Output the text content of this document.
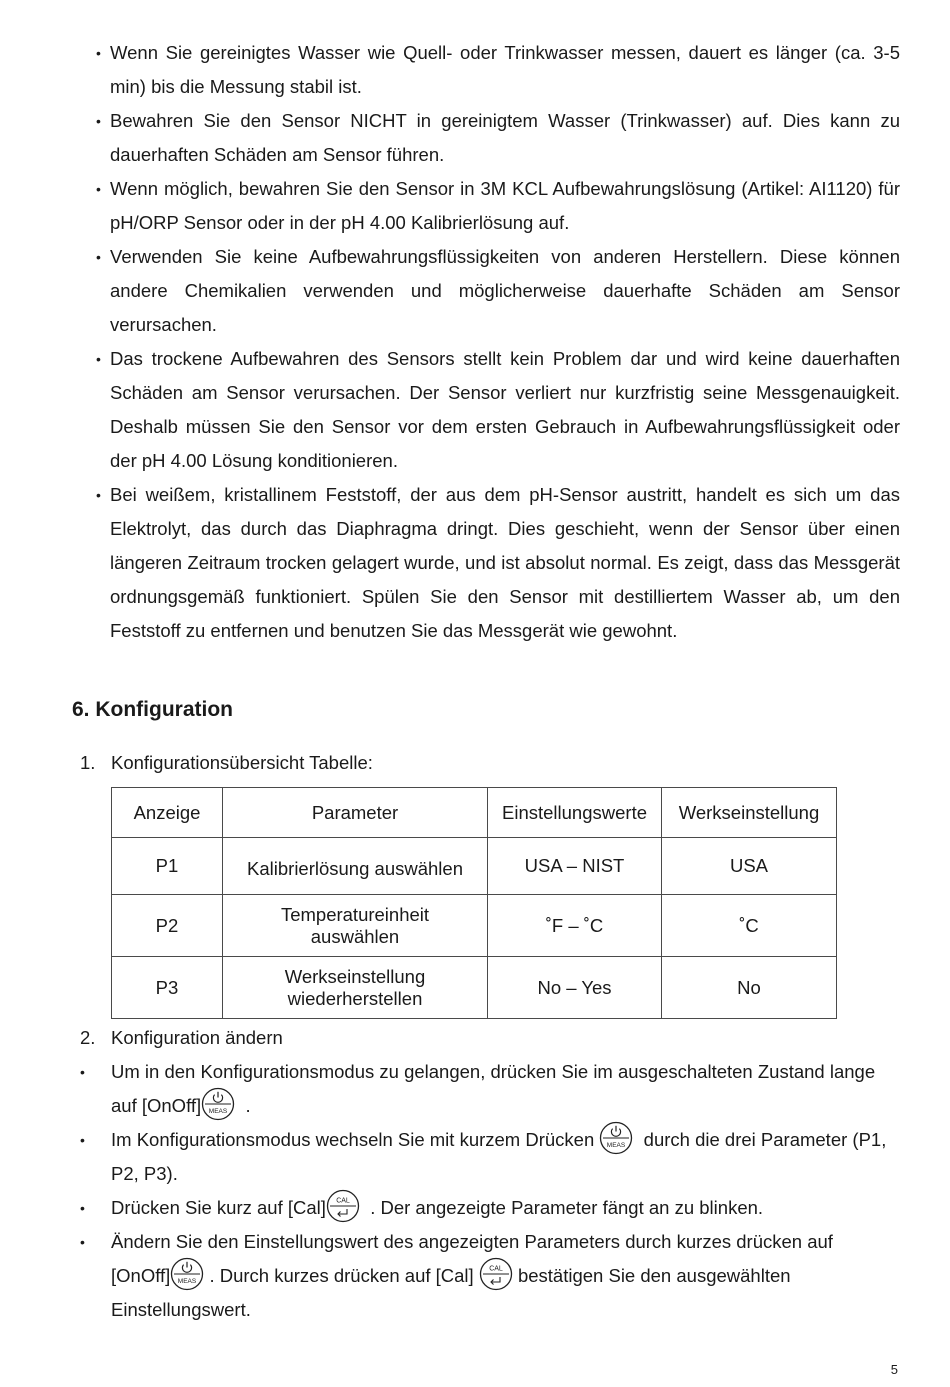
• Wenn Sie gereinigtes Wasser wie Quell- oder Trinkwasser messen, dauert es länger (ca. 3-5 min) bis die Messung stabil ist.
• Bewahren Sie den Sensor NICHT in gereinigtem Wasser (Trinkwasser) auf. Dies kann zu dauerhaften Schäden am Sensor führen.
• Wenn möglich, bewahren Sie den Sensor in 3M KCL Aufbewahrungslösung (Artikel: AI1120) für pH/ORP Sensor oder in der pH 4.00 Kalibrierlösung auf.
• Verwenden Sie keine Aufbewahrungsflüssigkeiten von anderen Herstellern. Diese können andere Chemikalien verwenden und möglicherweise dauerhafte Schäden am Sensor verursachen.
• Das trockene Aufbewahren des Sensors stellt kein Problem dar und wird keine dauerhaften Schäden am Sensor verursachen. Der Sensor verliert nur kurzfristig seine Messgenauigkeit. Deshalb müssen Sie den Sensor vor dem ersten Gebrauch in Aufbewahrungsflüssigkeit oder der pH 4.00 Lösung konditionieren.
• Bei weißem, kristallinem Feststoff, der aus dem pH-Sensor austritt, handelt es sich um das Elektrolyt, das durch das Diaphragma dringt. Dies geschieht, wenn der Sensor über einen längeren Zeitraum trocken gelagert wurde, und ist absolut normal. Es zeigt, dass das Messgerät ordnungsgemäß funktioniert. Spülen Sie den Sensor mit destilliertem Wasser ab, um den Feststoff zu entfernen und benutzen Sie das Messgerät wie gewohnt.
6. Konfiguration
1. Konfigurationsübersicht Tabelle:
Anzeige	Parameter	Einstellungswerte	Werkseinstellung
P1	Kalibrierlösung auswählen	USA – NIST	USA
P2	Temperatureinheit auswählen	˚F – ˚C	˚C
P3	Werkseinstellung wiederherstellen	No – Yes	No
2. Konfiguration ändern
• Um in den Konfigurationsmodus zu gelangen, drücken Sie im ausgeschalteten Zustand lange auf [OnOff] MEAS .
• Im Konfigurationsmodus wechseln Sie mit kurzem Drücken MEAS durch die drei Parameter (P1, P2, P3).
• Drücken Sie kurz auf [Cal] CAL . Der angezeigte Parameter fängt an zu blinken.
• Ändern Sie den Einstellungswert des angezeigten Parameters durch kurzes drücken auf [OnOff] MEAS . Durch kurzes drücken auf [Cal] CAL bestätigen Sie den ausgewählten Einstellungswert.
5
